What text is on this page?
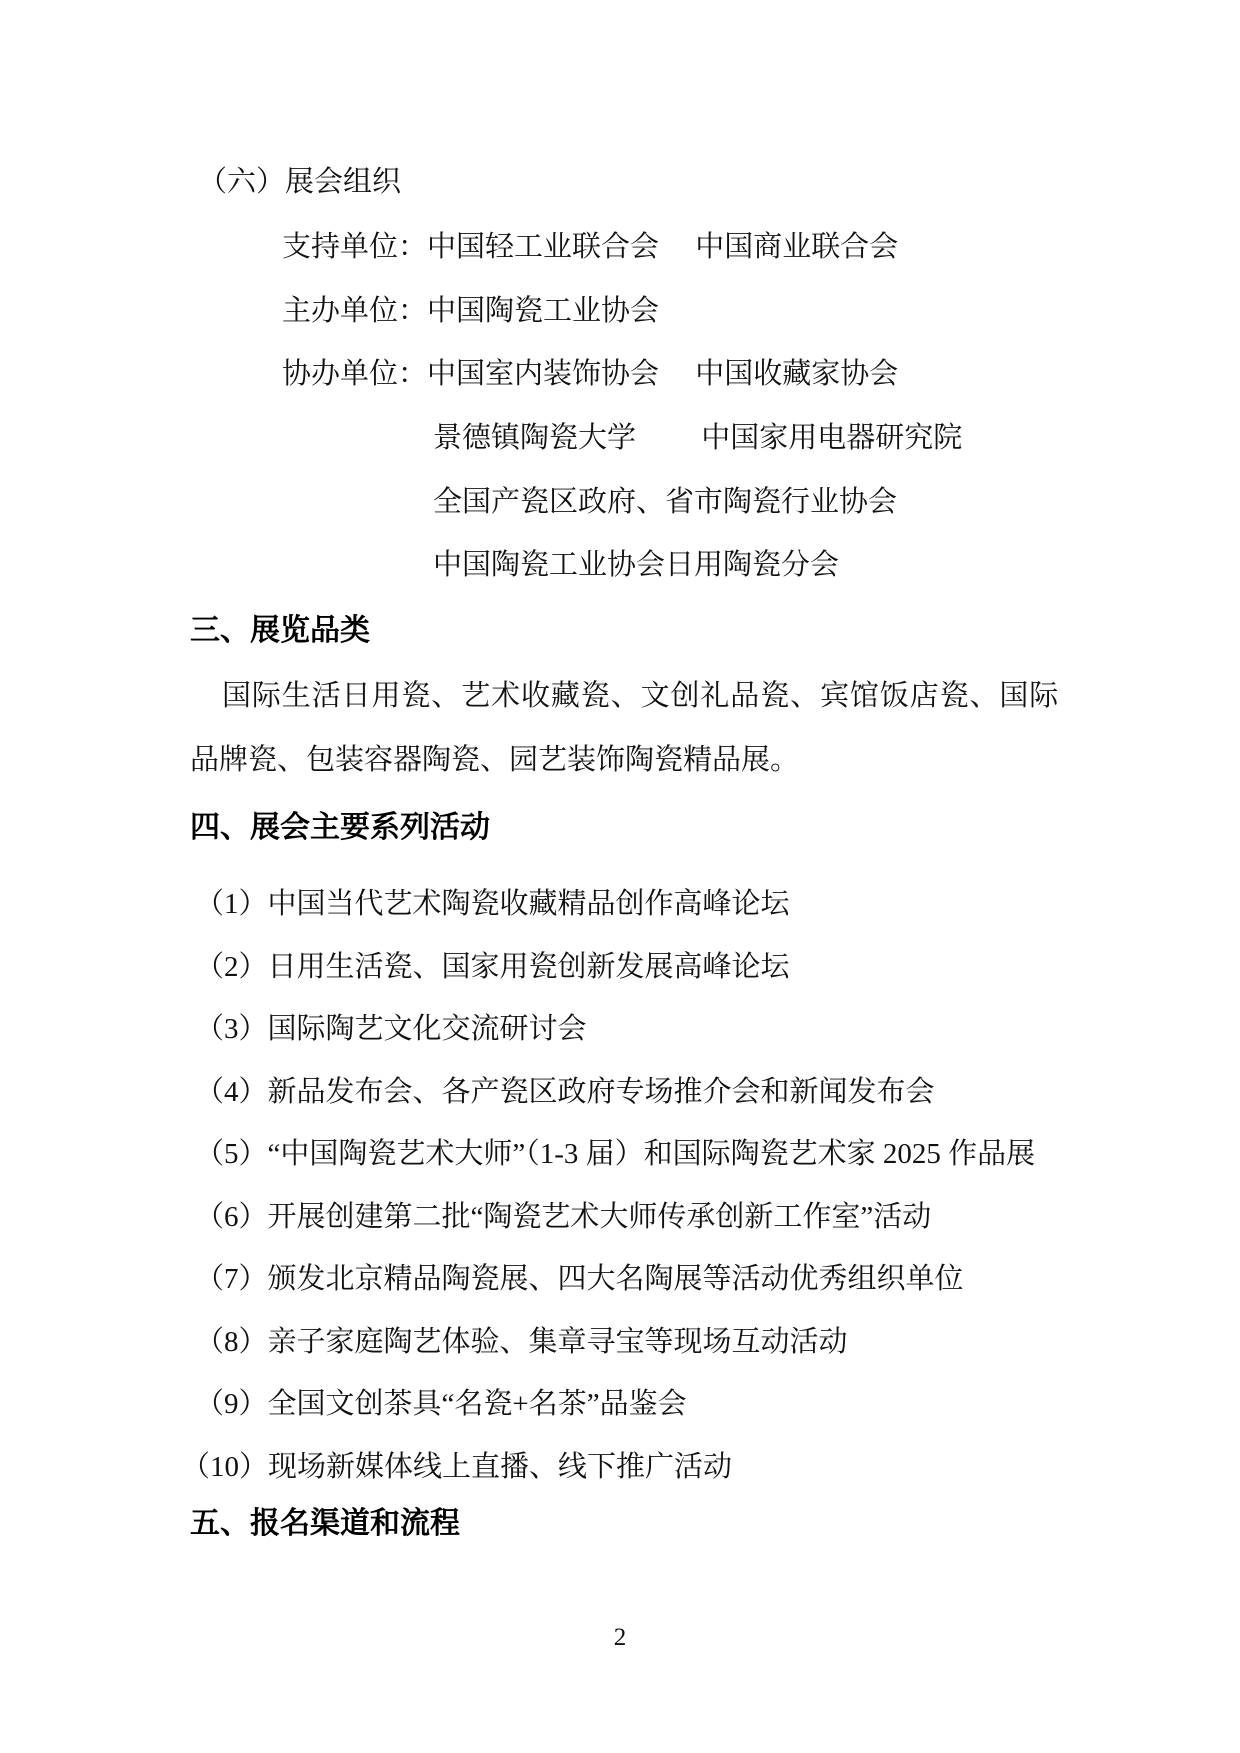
（六）展会组织
支持单位：中国轻工业联合会　 中国商业联合会
主办单位：中国陶瓷工业协会
协办单位：中国室内装饰协会　 中国收藏家协会
景德镇陶瓷大学　　 中国家用电器研究院
全国产瓷区政府、省市陶瓷行业协会
中国陶瓷工业协会日用陶瓷分会
三、展览品类
国际生活日用瓷、艺术收藏瓷、文创礼品瓷、宾馆饭店瓷、国际
品牌瓷、包装容器陶瓷、园艺装饰陶瓷精品展。
四、展会主要系列活动
（1）中国当代艺术陶瓷收藏精品创作高峰论坛
（2）日用生活瓷、国家用瓷创新发展高峰论坛
（3）国际陶艺文化交流研讨会
（4）新品发布会、各产瓷区政府专场推介会和新闻发布会
（5）“中国陶瓷艺术大师”（1-3 届）和国际陶瓷艺术家 2025 作品展
（6）开展创建第二批“陶瓷艺术大师传承创新工作室”活动
（7）颁发北京精品陶瓷展、四大名陶展等活动优秀组织单位
（8）亲子家庭陶艺体验、集章寻宝等现场互动活动
（9）全国文创茶具“名瓷+名茶”品鉴会
（10）现场新媒体线上直播、线下推广活动
五、报名渠道和流程
2
